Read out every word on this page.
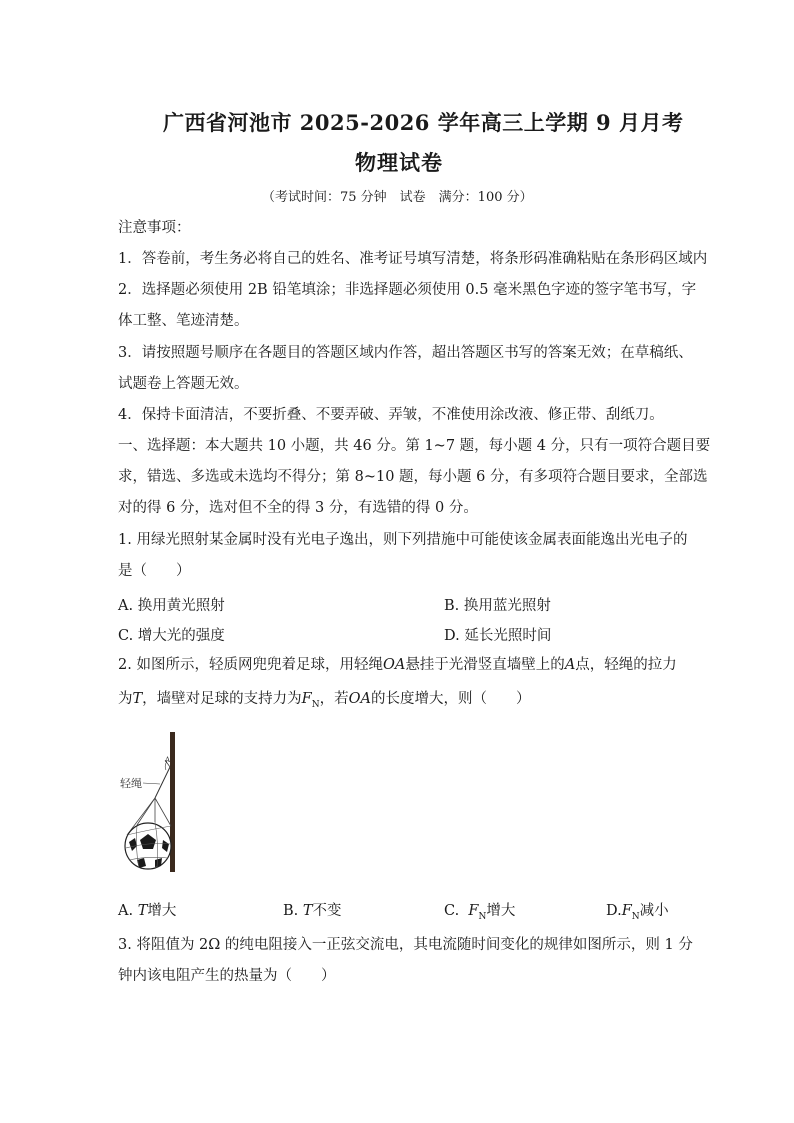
广西省河池市 2025-2026 学年高三上学期 9 月月考
物理试卷
（考试时间：75 分钟　试卷　满分：100 分）
注意事项：
1．答卷前，考生务必将自己的姓名、准考证号填写清楚，将条形码准确粘贴在条形码区域内
2．选择题必须使用 2B 铅笔填涂；非选择题必须使用 0.5 毫米黑色字迹的签字笔书写，字
体工整、笔迹清楚。
3．请按照题号顺序在各题目的答题区域内作答，超出答题区书写的答案无效；在草稿纸、
试题卷上答题无效。
4．保持卡面清洁，不要折叠、不要弄破、弄皱，不准使用涂改液、修正带、刮纸刀。
一、选择题：本大题共 10 小题，共 46 分。第 1~7 题，每小题 4 分，只有一项符合题目要
求，错选、多选或未选均不得分；第 8~10 题，每小题 6 分，有多项符合题目要求，全部选
对的得 6 分，选对但不全的得 3 分，有选错的得 0 分。
1. 用绿光照射某金属时没有光电子逸出，则下列措施中可能使该金属表面能逸出光电子的
是（　　）
A. 换用黄光照射	B. 换用蓝光照射
C. 增大光的强度	D. 延长光照时间
2. 如图所示，轻质网兜兜着足球，用轻绳OA悬挂于光滑竖直墙壁上的A点，轻绳的拉力
为T，墙壁对足球的支持力为$F_N$，若OA的长度增大，则（　　）
A
轻绳
A. T增大	B. T不变	C. $F_N$增大	$D.F_N$减小
3. 将阻值为 2Ω 的纯电阻接入一正弦交流电，其电流随时间变化的规律如图所示，则 1 分
钟内该电阻产生的热量为（　　）
